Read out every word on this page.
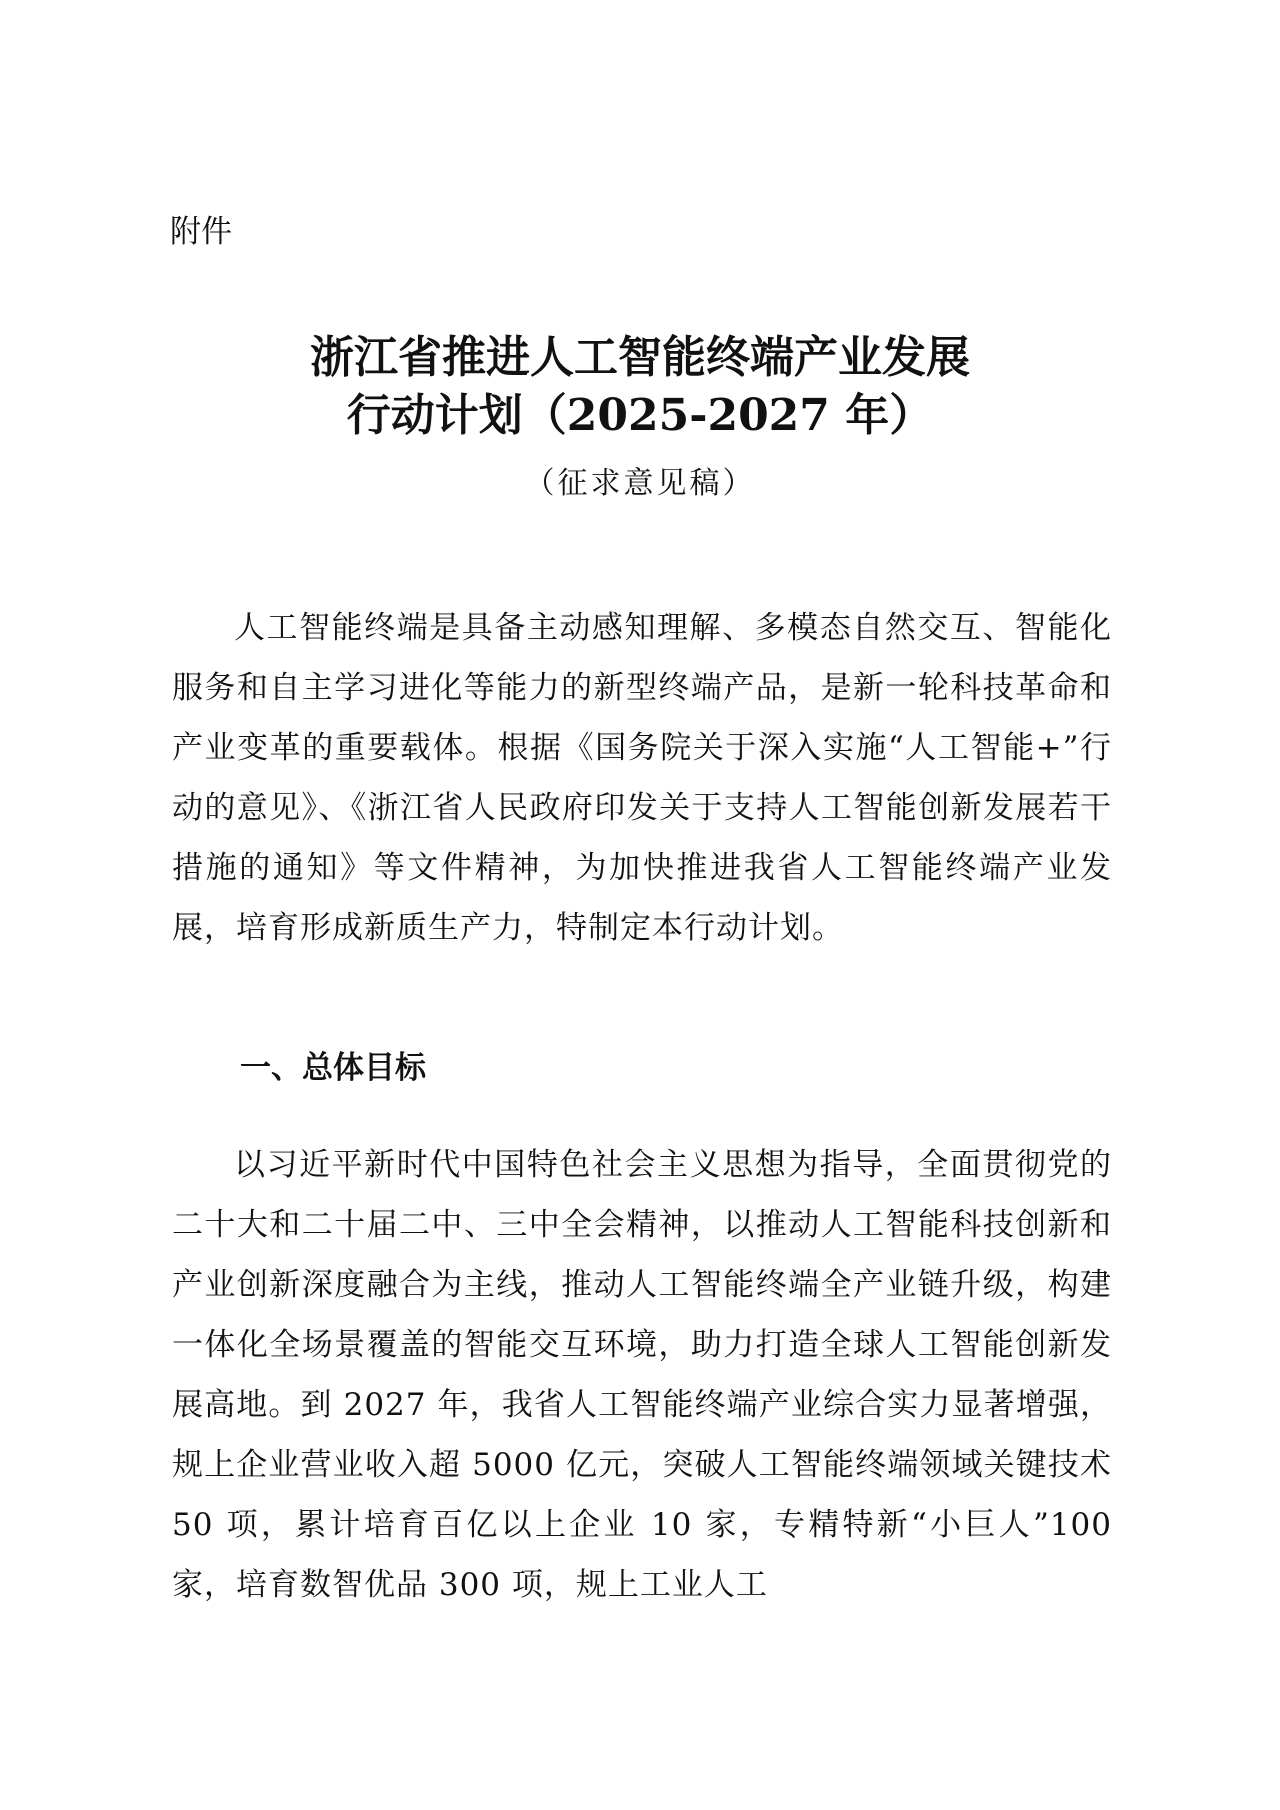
附件
浙江省推进人工智能终端产业发展
行动计划（2025-2027 年）
（征求意见稿）

人工智能终端是具备主动感知理解、多模态自然交互、智能化服务和自主学习进化等能力的新型终端产品，是新一轮科技革命和产业变革的重要载体。根据《国务院关于深入实施“人工智能+”行动的意见》、《浙江省人民政府印发关于支持人工智能创新发展若干措施的通知》等文件精神，为加快推进我省人工智能终端产业发展，培育形成新质生产力，特制定本行动计划。

一、总体目标

以习近平新时代中国特色社会主义思想为指导，全面贯彻党的二十大和二十届二中、三中全会精神，以推动人工智能科技创新和产业创新深度融合为主线，推动人工智能终端全产业链升级，构建一体化全场景覆盖的智能交互环境，助力打造全球人工智能创新发展高地。到 2027 年，我省人工智能终端产业综合实力显著增强，规上企业营业收入超 5000 亿元，突破人工智能终端领域关键技术 50 项，累计培育百亿以上企业 10 家，专精特新“小巨人”100 家，培育数智优品 300 项，规上工业人工
